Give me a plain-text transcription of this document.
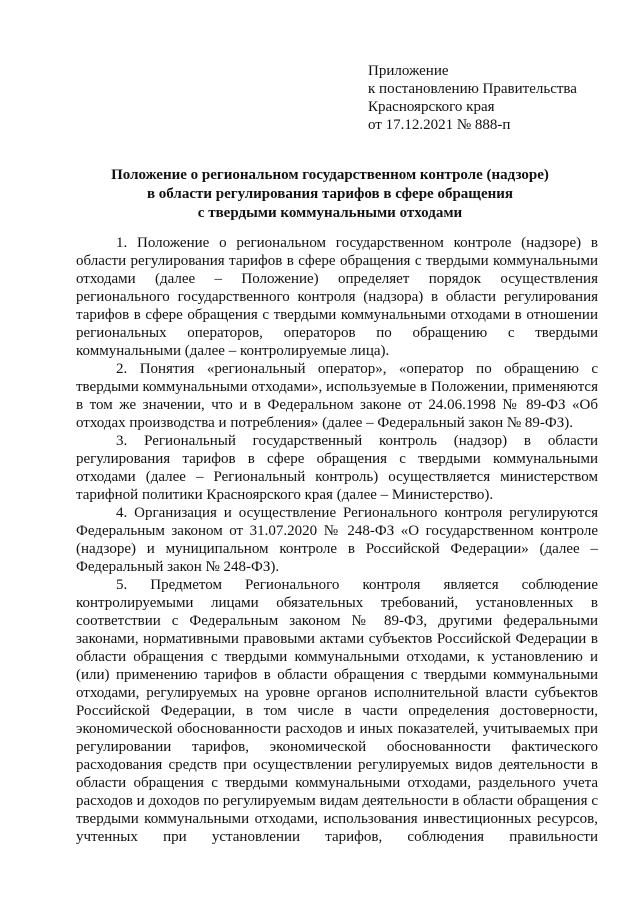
Приложение
к постановлению Правительства
Красноярского края
от 17.12.2021 № 888-п
Положение о региональном государственном контроле (надзоре)
в области регулирования тарифов в сфере обращения
с твердыми коммунальными отходами

1. Положение о региональном государственном контроле (надзоре) в области регулирования тарифов в сфере обращения с твердыми коммунальными отходами (далее – Положение) определяет порядок осуществления регионального государственного контроля (надзора) в области регулирования тарифов в сфере обращения с твердыми коммунальными отходами в отношении региональных операторов, операторов по обращению с твердыми коммунальными (далее – контролируемые лица).

2. Понятия «региональный оператор», «оператор по обращению с твердыми коммунальными отходами», используемые в Положении, применяются в том же значении, что и в Федеральном законе от 24.06.1998 № 89-ФЗ «Об отходах производства и потребления» (далее – Федеральный закон № 89-ФЗ).

3. Региональный государственный контроль (надзор) в области регулирования тарифов в сфере обращения с твердыми коммунальными отходами (далее – Региональный контроль) осуществляется министерством тарифной политики Красноярского края (далее – Министерство).

4. Организация и осуществление Регионального контроля регулируются Федеральным законом от 31.07.2020 № 248-ФЗ «О государственном контроле (надзоре) и муниципальном контроле в Российской Федерации» (далее – Федеральный закон № 248-ФЗ).

5. Предметом Регионального контроля является соблюдение контролируемыми лицами обязательных требований, установленных в соответствии с Федеральным законом № 89-ФЗ, другими федеральными законами, нормативными правовыми актами субъектов Российской Федерации в области обращения с твердыми коммунальными отходами, к установлению и (или) применению тарифов в области обращения с твердыми коммунальными отходами, регулируемых на уровне органов исполнительной власти субъектов Российской Федерации, в том числе в части определения достоверности, экономической обоснованности расходов и иных показателей, учитываемых при регулировании тарифов, экономической обоснованности фактического расходования средств при осуществлении регулируемых видов деятельности в области обращения с твердыми коммунальными отходами, раздельного учета расходов и доходов по регулируемым видам деятельности в области обращения с твердыми коммунальными отходами, использования инвестиционных ресурсов, учтенных при установлении тарифов, соблюдения правильности
